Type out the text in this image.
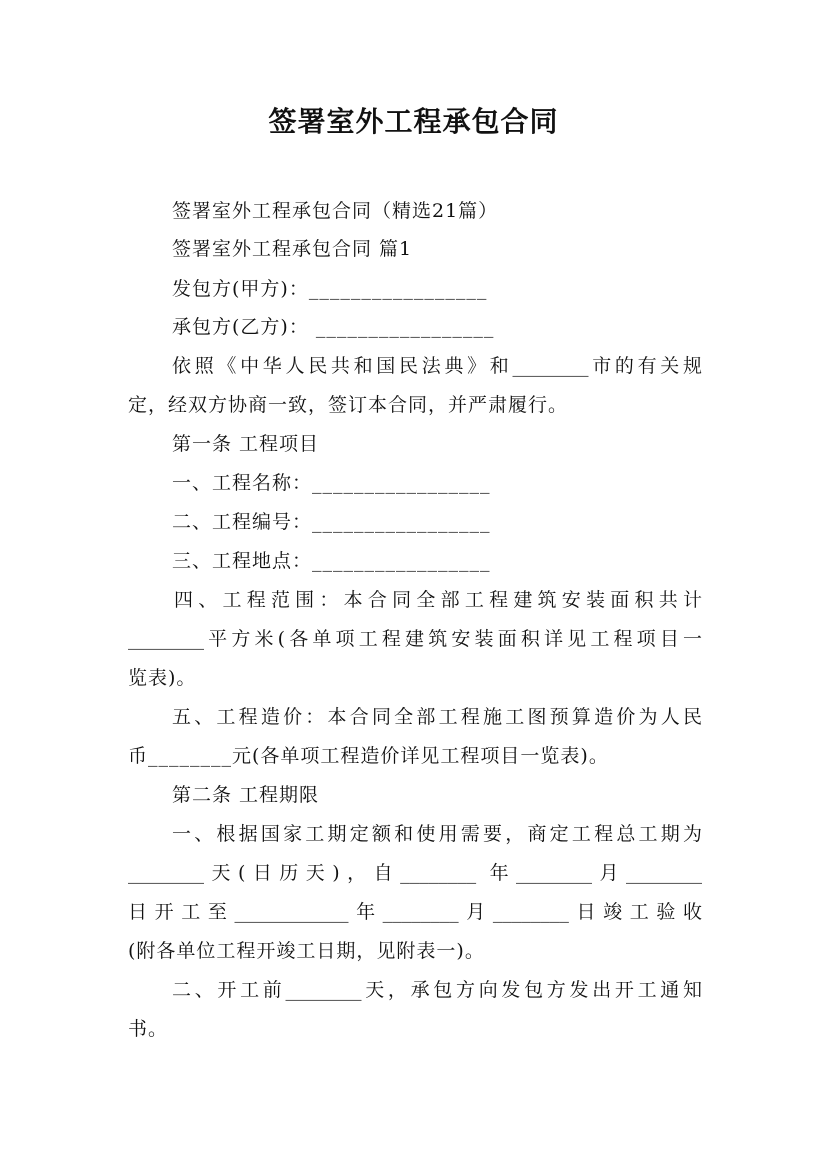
签署室外工程承包合同
签署室外工程承包合同（精选21篇）
签署室外工程承包合同 篇1
发包方(甲方)：_________________
承包方(乙方)： _________________
依照《中华人民共和国民法典》和________市的有关规
定，经双方协商一致，签订本合同，并严肃履行。
第一条 工程项目
一、工程名称：_________________
二、工程编号：_________________
三、工程地点：_________________
四、工程范围：本合同全部工程建筑安装面积共计
________平方米(各单项工程建筑安装面积详见工程项目一
览表)。
五、工程造价：本合同全部工程施工图预算造价为人民
币________元(各单项工程造价详见工程项目一览表)。
第二条 工程期限
一、根据国家工期定额和使用需要，商定工程总工期为
________天(日历天)，自________ 年________月________
日开工至____________年________月________日竣工验收
(附各单位工程开竣工日期，见附表一)。
二、开工前________天，承包方向发包方发出开工通知
书。
